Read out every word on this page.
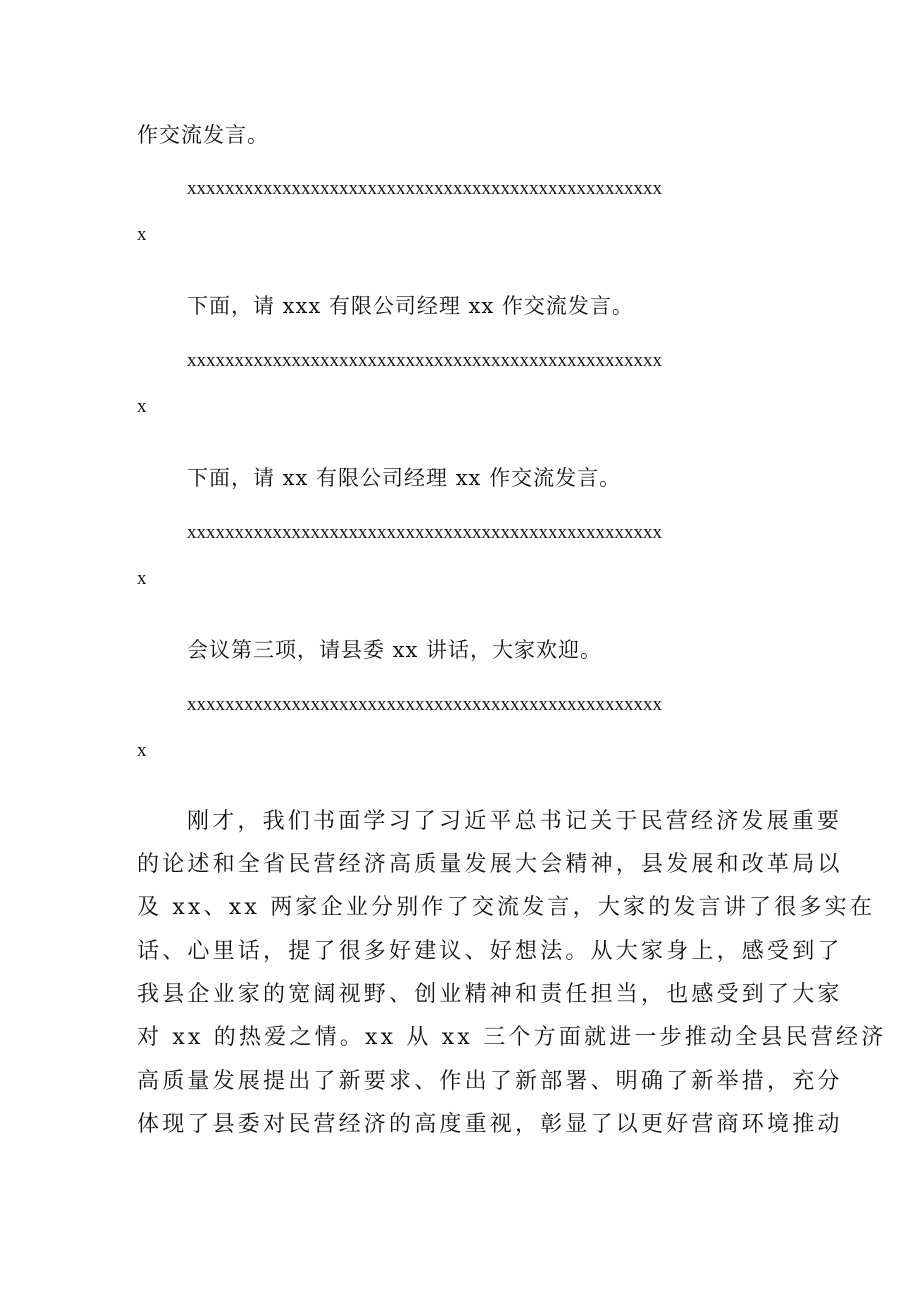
作交流发言。
xxxxxxxxxxxxxxxxxxxxxxxxxxxxxxxxxxxxxxxxxxxxxxxxxx
x
下面，请 xxx 有限公司经理 xx 作交流发言。
xxxxxxxxxxxxxxxxxxxxxxxxxxxxxxxxxxxxxxxxxxxxxxxxxx
x
下面，请 xx 有限公司经理 xx 作交流发言。
xxxxxxxxxxxxxxxxxxxxxxxxxxxxxxxxxxxxxxxxxxxxxxxxxx
x
会议第三项，请县委 xx 讲话，大家欢迎。
xxxxxxxxxxxxxxxxxxxxxxxxxxxxxxxxxxxxxxxxxxxxxxxxxx
x
刚才，我们书面学习了习近平总书记关于民营经济发展重要
的论述和全省民营经济高质量发展大会精神，县发展和改革局以
及 xx、xx 两家企业分别作了交流发言，大家的发言讲了很多实在
话、心里话，提了很多好建议、好想法。从大家身上，感受到了
我县企业家的宽阔视野、创业精神和责任担当，也感受到了大家
对 xx 的热爱之情。xx 从 xx 三个方面就进一步推动全县民营经济
高质量发展提出了新要求、作出了新部署、明确了新举措，充分
体现了县委对民营经济的高度重视，彰显了以更好营商环境推动
